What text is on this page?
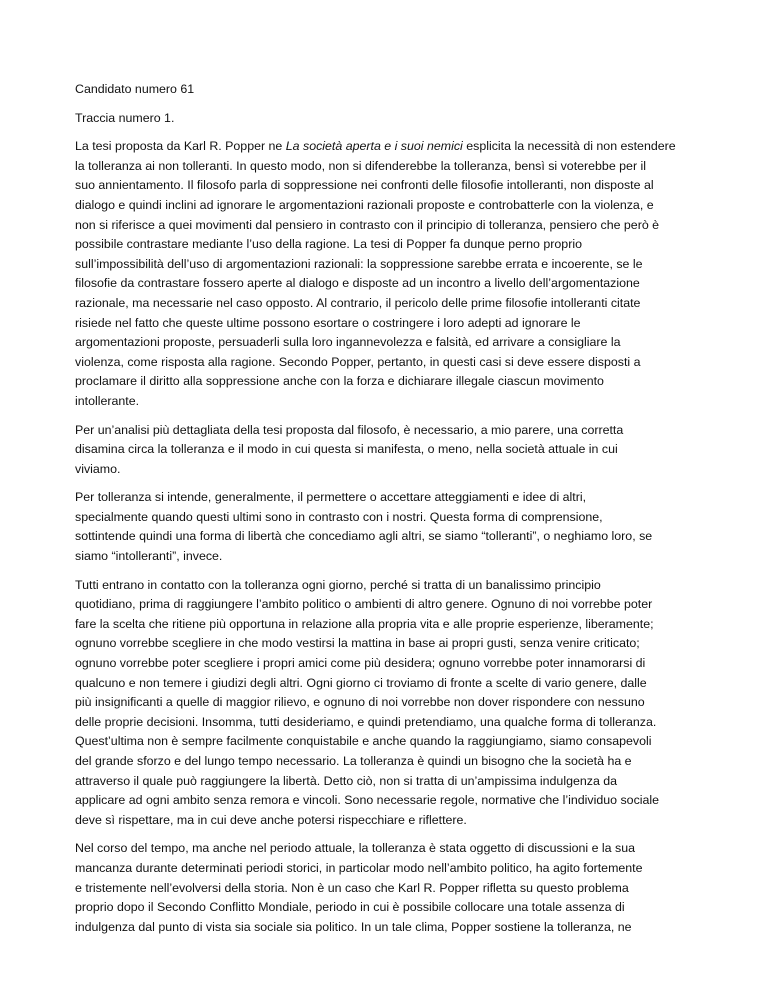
Candidato numero 61

Traccia numero 1.

La tesi proposta da Karl R. Popper ne La società aperta e i suoi nemici esplicita la necessità di non estendere
la tolleranza ai non tolleranti. In questo modo, non si difenderebbe la tolleranza, bensì si voterebbe per il
suo annientamento. Il filosofo parla di soppressione nei confronti delle filosofie intolleranti, non disposte al
dialogo e quindi inclini ad ignorare le argomentazioni razionali proposte e controbatterle con la violenza, e
non si riferisce a quei movimenti dal pensiero in contrasto con il principio di tolleranza, pensiero che però è
possibile contrastare mediante l’uso della ragione. La tesi di Popper fa dunque perno proprio
sull’impossibilità dell’uso di argomentazioni razionali: la soppressione sarebbe errata e incoerente, se le
filosofie da contrastare fossero aperte al dialogo e disposte ad un incontro a livello dell’argomentazione
razionale, ma necessarie nel caso opposto. Al contrario, il pericolo delle prime filosofie intolleranti citate
risiede nel fatto che queste ultime possono esortare o costringere i loro adepti ad ignorare le
argomentazioni proposte, persuaderli sulla loro ingannevolezza e falsità, ed arrivare a consigliare la
violenza, come risposta alla ragione. Secondo Popper, pertanto, in questi casi si deve essere disposti a
proclamare il diritto alla soppressione anche con la forza e dichiarare illegale ciascun movimento
intollerante.

Per un’analisi più dettagliata della tesi proposta dal filosofo, è necessario, a mio parere, una corretta
disamina circa la tolleranza e il modo in cui questa si manifesta, o meno, nella società attuale in cui
viviamo.

Per tolleranza si intende, generalmente, il permettere o accettare atteggiamenti e idee di altri,
specialmente quando questi ultimi sono in contrasto con i nostri. Questa forma di comprensione,
sottintende quindi una forma di libertà che concediamo agli altri, se siamo “tolleranti”, o neghiamo loro, se
siamo “intolleranti”, invece.

Tutti entrano in contatto con la tolleranza ogni giorno, perché si tratta di un banalissimo principio
quotidiano, prima di raggiungere l’ambito politico o ambienti di altro genere. Ognuno di noi vorrebbe poter
fare la scelta che ritiene più opportuna in relazione alla propria vita e alle proprie esperienze, liberamente;
ognuno vorrebbe scegliere in che modo vestirsi la mattina in base ai propri gusti, senza venire criticato;
ognuno vorrebbe poter scegliere i propri amici come più desidera; ognuno vorrebbe poter innamorarsi di
qualcuno e non temere i giudizi degli altri. Ogni giorno ci troviamo di fronte a scelte di vario genere, dalle
più insignificanti a quelle di maggior rilievo, e ognuno di noi vorrebbe non dover rispondere con nessuno
delle proprie decisioni. Insomma, tutti desideriamo, e quindi pretendiamo, una qualche forma di tolleranza.
Quest’ultima non è sempre facilmente conquistabile e anche quando la raggiungiamo, siamo consapevoli
del grande sforzo e del lungo tempo necessario. La tolleranza è quindi un bisogno che la società ha e
attraverso il quale può raggiungere la libertà. Detto ciò, non si tratta di un’ampissima indulgenza da
applicare ad ogni ambito senza remora e vincoli. Sono necessarie regole, normative che l’individuo sociale
deve sì rispettare, ma in cui deve anche potersi rispecchiare e riflettere.

Nel corso del tempo, ma anche nel periodo attuale, la tolleranza è stata oggetto di discussioni e la sua
mancanza durante determinati periodi storici, in particolar modo nell’ambito politico, ha agito fortemente
e tristemente nell’evolversi della storia. Non è un caso che Karl R. Popper rifletta su questo problema
proprio dopo il Secondo Conflitto Mondiale, periodo in cui è possibile collocare una totale assenza di
indulgenza dal punto di vista sia sociale sia politico. In un tale clima, Popper sostiene la tolleranza, ne
